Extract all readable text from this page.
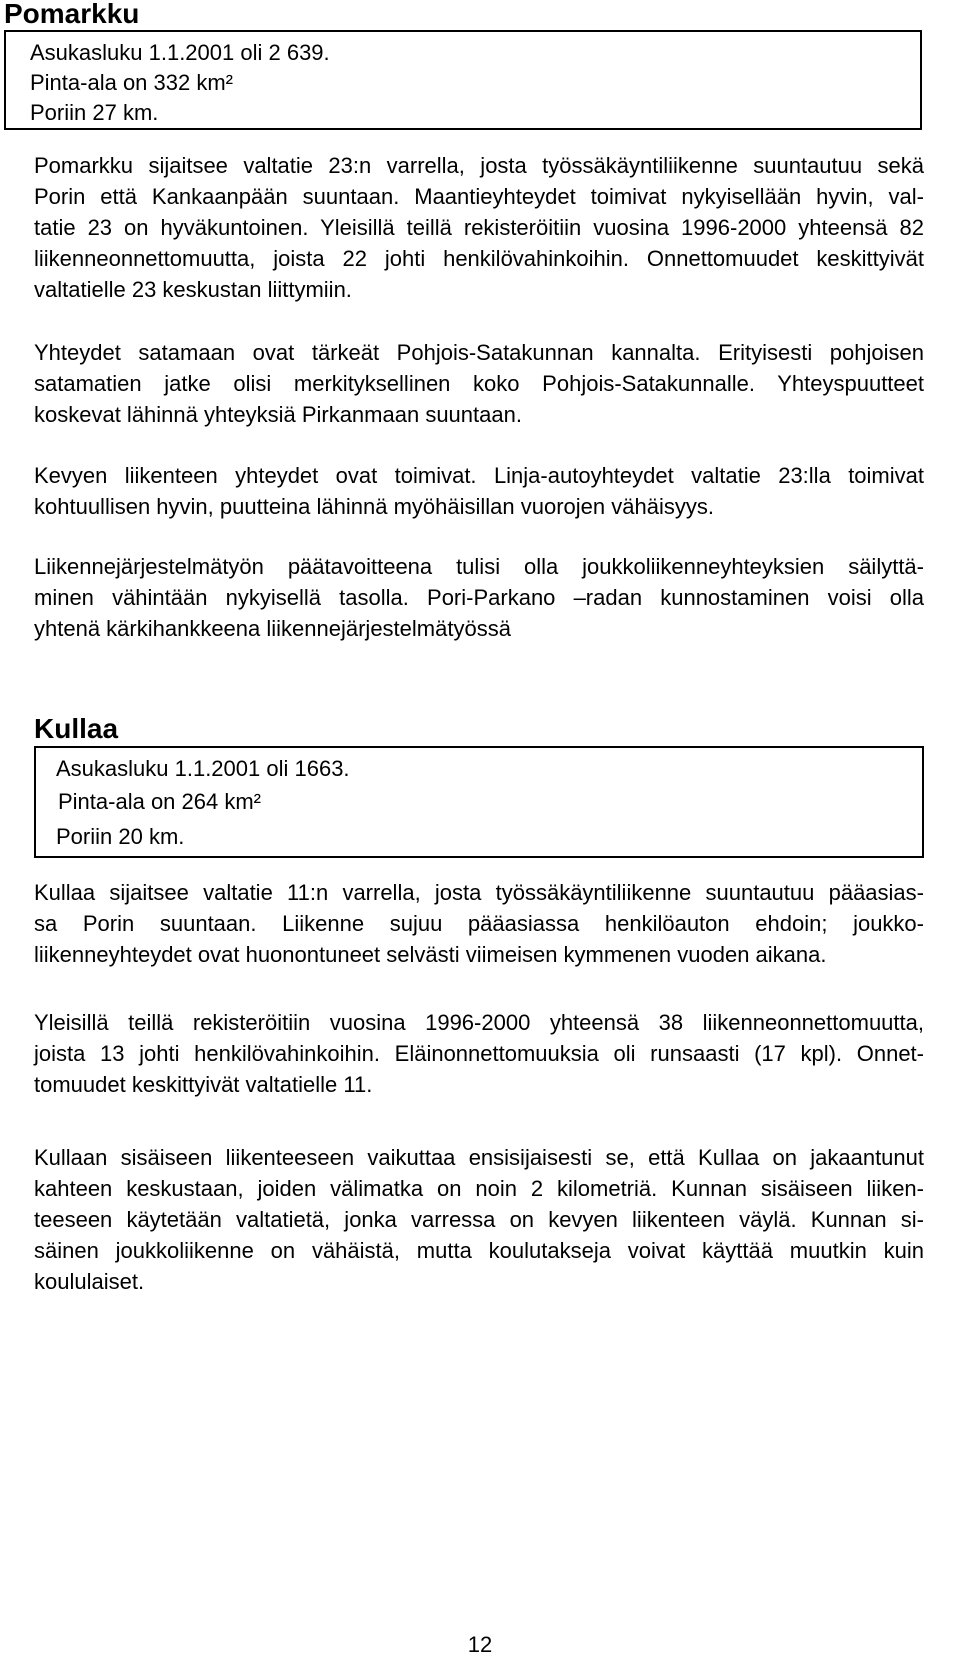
Pomarkku
Asukasluku 1.1.2001 oli 2 639.
Pinta-ala on 332 km²
Poriin 27 km.
Pomarkku sijaitsee valtatie 23:n varrella, josta työssäkäyntiliikenne suuntautuu sekä
Porin että Kankaanpään suuntaan. Maantieyhteydet toimivat nykyisellään hyvin, val-
tatie 23 on hyväkuntoinen. Yleisillä teillä rekisteröitiin vuosina 1996-2000 yhteensä 82
liikenneonnettomuutta, joista 22 johti henkilövahinkoihin. Onnettomuudet keskittyivät
valtatielle 23 keskustan liittymiin.
Yhteydet satamaan ovat tärkeät Pohjois-Satakunnan kannalta. Erityisesti pohjoisen
satamatien jatke olisi merkityksellinen koko Pohjois-Satakunnalle. Yhteyspuutteet
koskevat lähinnä yhteyksiä Pirkanmaan suuntaan.
Kevyen liikenteen yhteydet ovat toimivat. Linja-autoyhteydet valtatie 23:lla toimivat
kohtuullisen hyvin, puutteina lähinnä myöhäisillan vuorojen vähäisyys.
Liikennejärjestelmätyön päätavoitteena tulisi olla joukkoliikenneyhteyksien säilyttä-
minen vähintään nykyisellä tasolla. Pori-Parkano –radan kunnostaminen voisi olla
yhtenä kärkihankkeena liikennejärjestelmätyössä
Kullaa
Asukasluku 1.1.2001 oli 1663.
Pinta-ala on 264 km²
Poriin 20 km.
Kullaa sijaitsee valtatie 11:n varrella, josta työssäkäyntiliikenne suuntautuu pääasias-
sa Porin suuntaan. Liikenne sujuu pääasiassa henkilöauton ehdoin; joukko-
liikenneyhteydet ovat huonontuneet selvästi viimeisen kymmenen vuoden aikana.
Yleisillä teillä rekisteröitiin vuosina 1996-2000 yhteensä 38 liikenneonnettomuutta,
joista 13 johti henkilövahinkoihin. Eläinonnettomuuksia oli runsaasti (17 kpl). Onnet-
tomuudet keskittyivät valtatielle 11.
Kullaan sisäiseen liikenteeseen vaikuttaa ensisijaisesti se, että Kullaa on jakaantunut
kahteen keskustaan, joiden välimatka on noin 2 kilometriä. Kunnan sisäiseen liiken-
teeseen käytetään valtatietä, jonka varressa on kevyen liikenteen väylä. Kunnan si-
säinen joukkoliikenne on vähäistä, mutta koulutakseja voivat käyttää muutkin kuin
koululaiset.
12
